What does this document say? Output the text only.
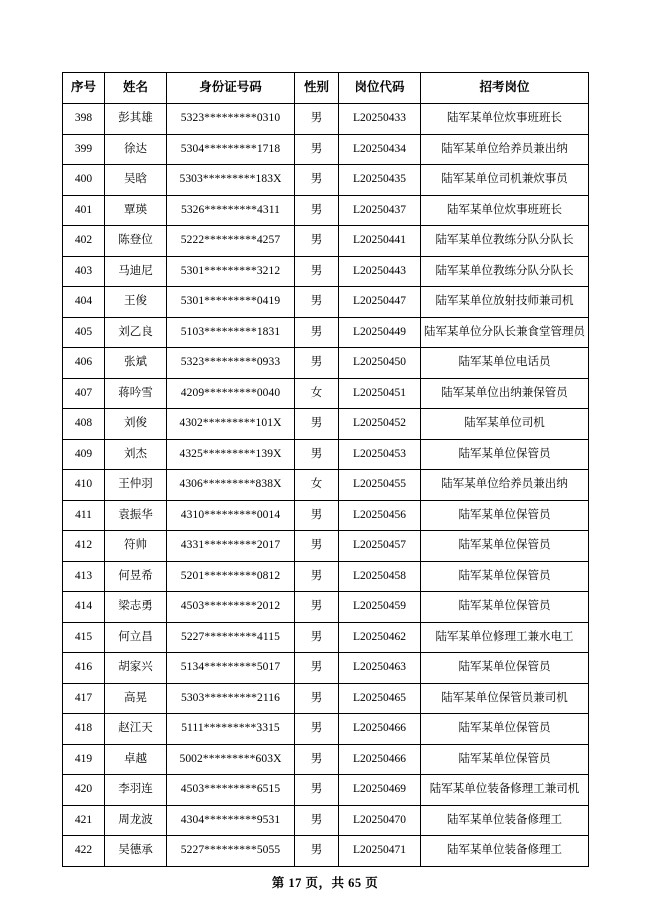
序号	姓名	身份证号码	性别	岗位代码	招考岗位
398	彭其雄	5323*********0310	男	L20250433	陆军某单位炊事班班长
399	徐达	5304*********1718	男	L20250434	陆军某单位给养员兼出纳
400	吴晗	5303*********183X	男	L20250435	陆军某单位司机兼炊事员
401	覃瑛	5326*********4311	男	L20250437	陆军某单位炊事班班长
402	陈登位	5222*********4257	男	L20250441	陆军某单位教练分队分队长
403	马迪尼	5301*********3212	男	L20250443	陆军某单位教练分队分队长
404	王俊	5301*********0419	男	L20250447	陆军某单位放射技师兼司机
405	刘乙良	5103*********1831	男	L20250449	陆军某单位分队长兼食堂管理员
406	张斌	5323*********0933	男	L20250450	陆军某单位电话员
407	蒋吟雪	4209*********0040	女	L20250451	陆军某单位出纳兼保管员
408	刘俊	4302*********101X	男	L20250452	陆军某单位司机
409	刘杰	4325*********139X	男	L20250453	陆军某单位保管员
410	王仲羽	4306*********838X	女	L20250455	陆军某单位给养员兼出纳
411	袁振华	4310*********0014	男	L20250456	陆军某单位保管员
412	符帅	4331*********2017	男	L20250457	陆军某单位保管员
413	何昱希	5201*********0812	男	L20250458	陆军某单位保管员
414	梁志勇	4503*********2012	男	L20250459	陆军某单位保管员
415	何立昌	5227*********4115	男	L20250462	陆军某单位修理工兼水电工
416	胡家兴	5134*********5017	男	L20250463	陆军某单位保管员
417	高晃	5303*********2116	男	L20250465	陆军某单位保管员兼司机
418	赵江天	5111*********3315	男	L20250466	陆军某单位保管员
419	卓越	5002*********603X	男	L20250466	陆军某单位保管员
420	李羽连	4503*********6515	男	L20250469	陆军某单位装备修理工兼司机
421	周龙波	4304*********9531	男	L20250470	陆军某单位装备修理工
422	吴德承	5227*********5055	男	L20250471	陆军某单位装备修理工
第 17 页，共 65 页
